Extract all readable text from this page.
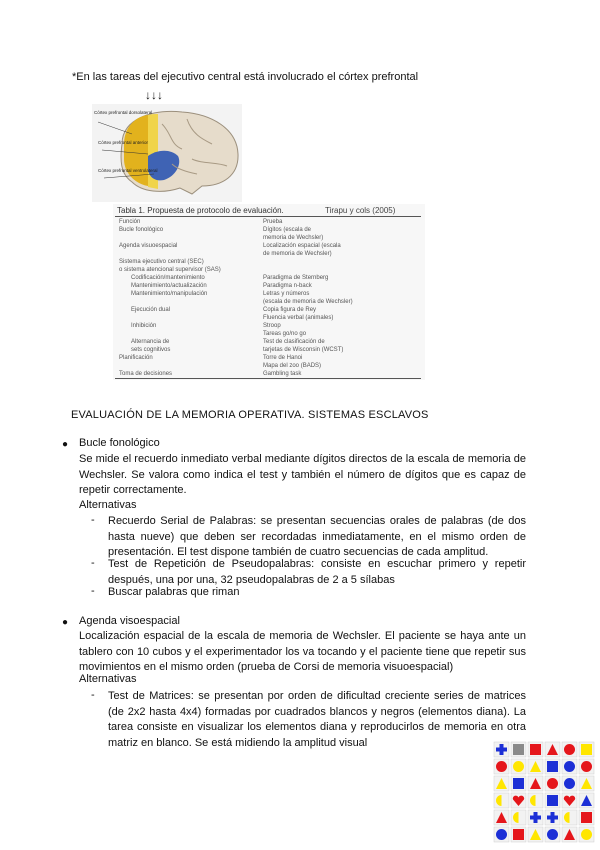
*En las tareas del ejecutivo central está involucrado el córtex prefrontal
↓↓↓
Córtex prefrontal dorsolateral
Córtex prefrontal anterior
Córtex prefrontal ventrolateral
Tabla 1. Propuesta de protocolo de evaluación.	Tirapu y cols (2005)
Función	Prueba
Bucle fonológico	Dígitos (escala de
memoria de Wechsler)
Agenda visuoespacial	Localización espacial (escala
de memoria de Wechsler)
Sistema ejecutivo central (SEC)
o sistema atencional supervisor (SAS)
Codificación/mantenimiento	Paradigma de Sternberg
Mantenimiento/actualización	Paradigma n-back
Mantenimiento/manipulación	Letras y números
(escala de memoria de Wechsler)
Ejecución dual	Copia figura de Rey
Fluencia verbal (animales)
Inhibición	Stroop
Tareas go/no go
Alternancia de	Test de clasificación de
sets cognitivos	tarjetas de Wisconsin (WCST)
Planificación	Torre de Hanoi
Mapa del zoo (BADS)
Toma de decisiones	Gambling task
EVALUACIÓN DE LA MEMORIA OPERATIVA. SISTEMAS ESCLAVOS
● Bucle fonológico
Se mide el recuerdo inmediato verbal mediante dígitos directos de la escala de memoria de Wechsler. Se valora como indica el test y también el número de dígitos que es capaz de repetir correctamente.
Alternativas
- Recuerdo Serial de Palabras: se presentan secuencias orales de palabras (de dos hasta nueve) que deben ser recordadas inmediatamente, en el mismo orden de presentación. El test dispone también de cuatro secuencias de cada amplitud.
- Test de Repetición de Pseudopalabras: consiste en escuchar primero y repetir después, una por una, 32 pseudopalabras de 2 a 5 sílabas
- Buscar palabras que riman
● Agenda visoespacial
Localización espacial de la escala de memoria de Wechsler. El paciente se haya ante un tablero con 10 cubos y el experimentador los va tocando y el paciente tiene que repetir sus movimientos en el mismo orden (prueba de Corsi de memoria visuoespacial)
Alternativas
- Test de Matrices: se presentan por orden de dificultad creciente series de matrices (de 2x2 hasta 4x4) formadas por cuadrados blancos y negros (elementos diana). La tarea consiste en visualizar los elementos diana y reproducirlos de memoria en otra matriz en blanco. Se está midiendo la amplitud visual
